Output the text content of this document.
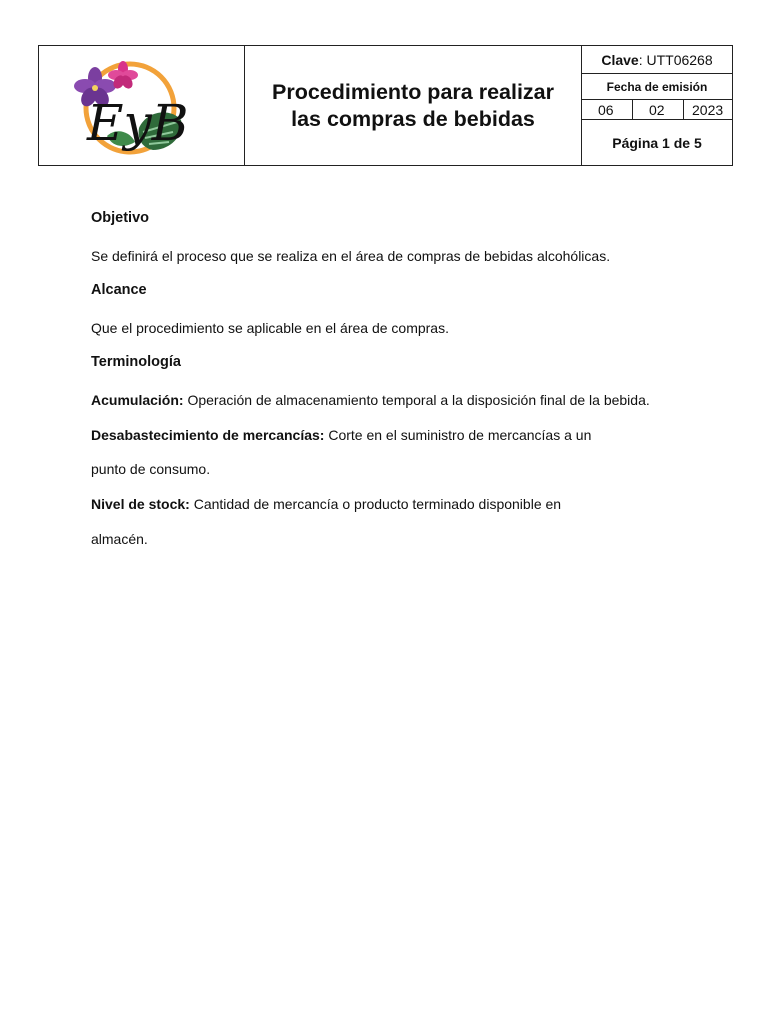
EyB
Procedimiento para realizar
las compras de bebidas
Clave : UTT06268
Fecha de emisión
06	02	2023
Página 1 de 5
Objetivo

Se definirá el proceso que se realiza en el área de compras de bebidas alcohólicas.

Alcance

Que el procedimiento se aplicable en el área de compras.

Terminología

Acumulación: Operación de almacenamiento temporal a la disposición final de la bebida.

Desabastecimiento de mercancías: Corte en el suministro de mercancías a un

punto de consumo.

Nivel de stock: Cantidad de mercancía o producto terminado disponible en

almacén.
